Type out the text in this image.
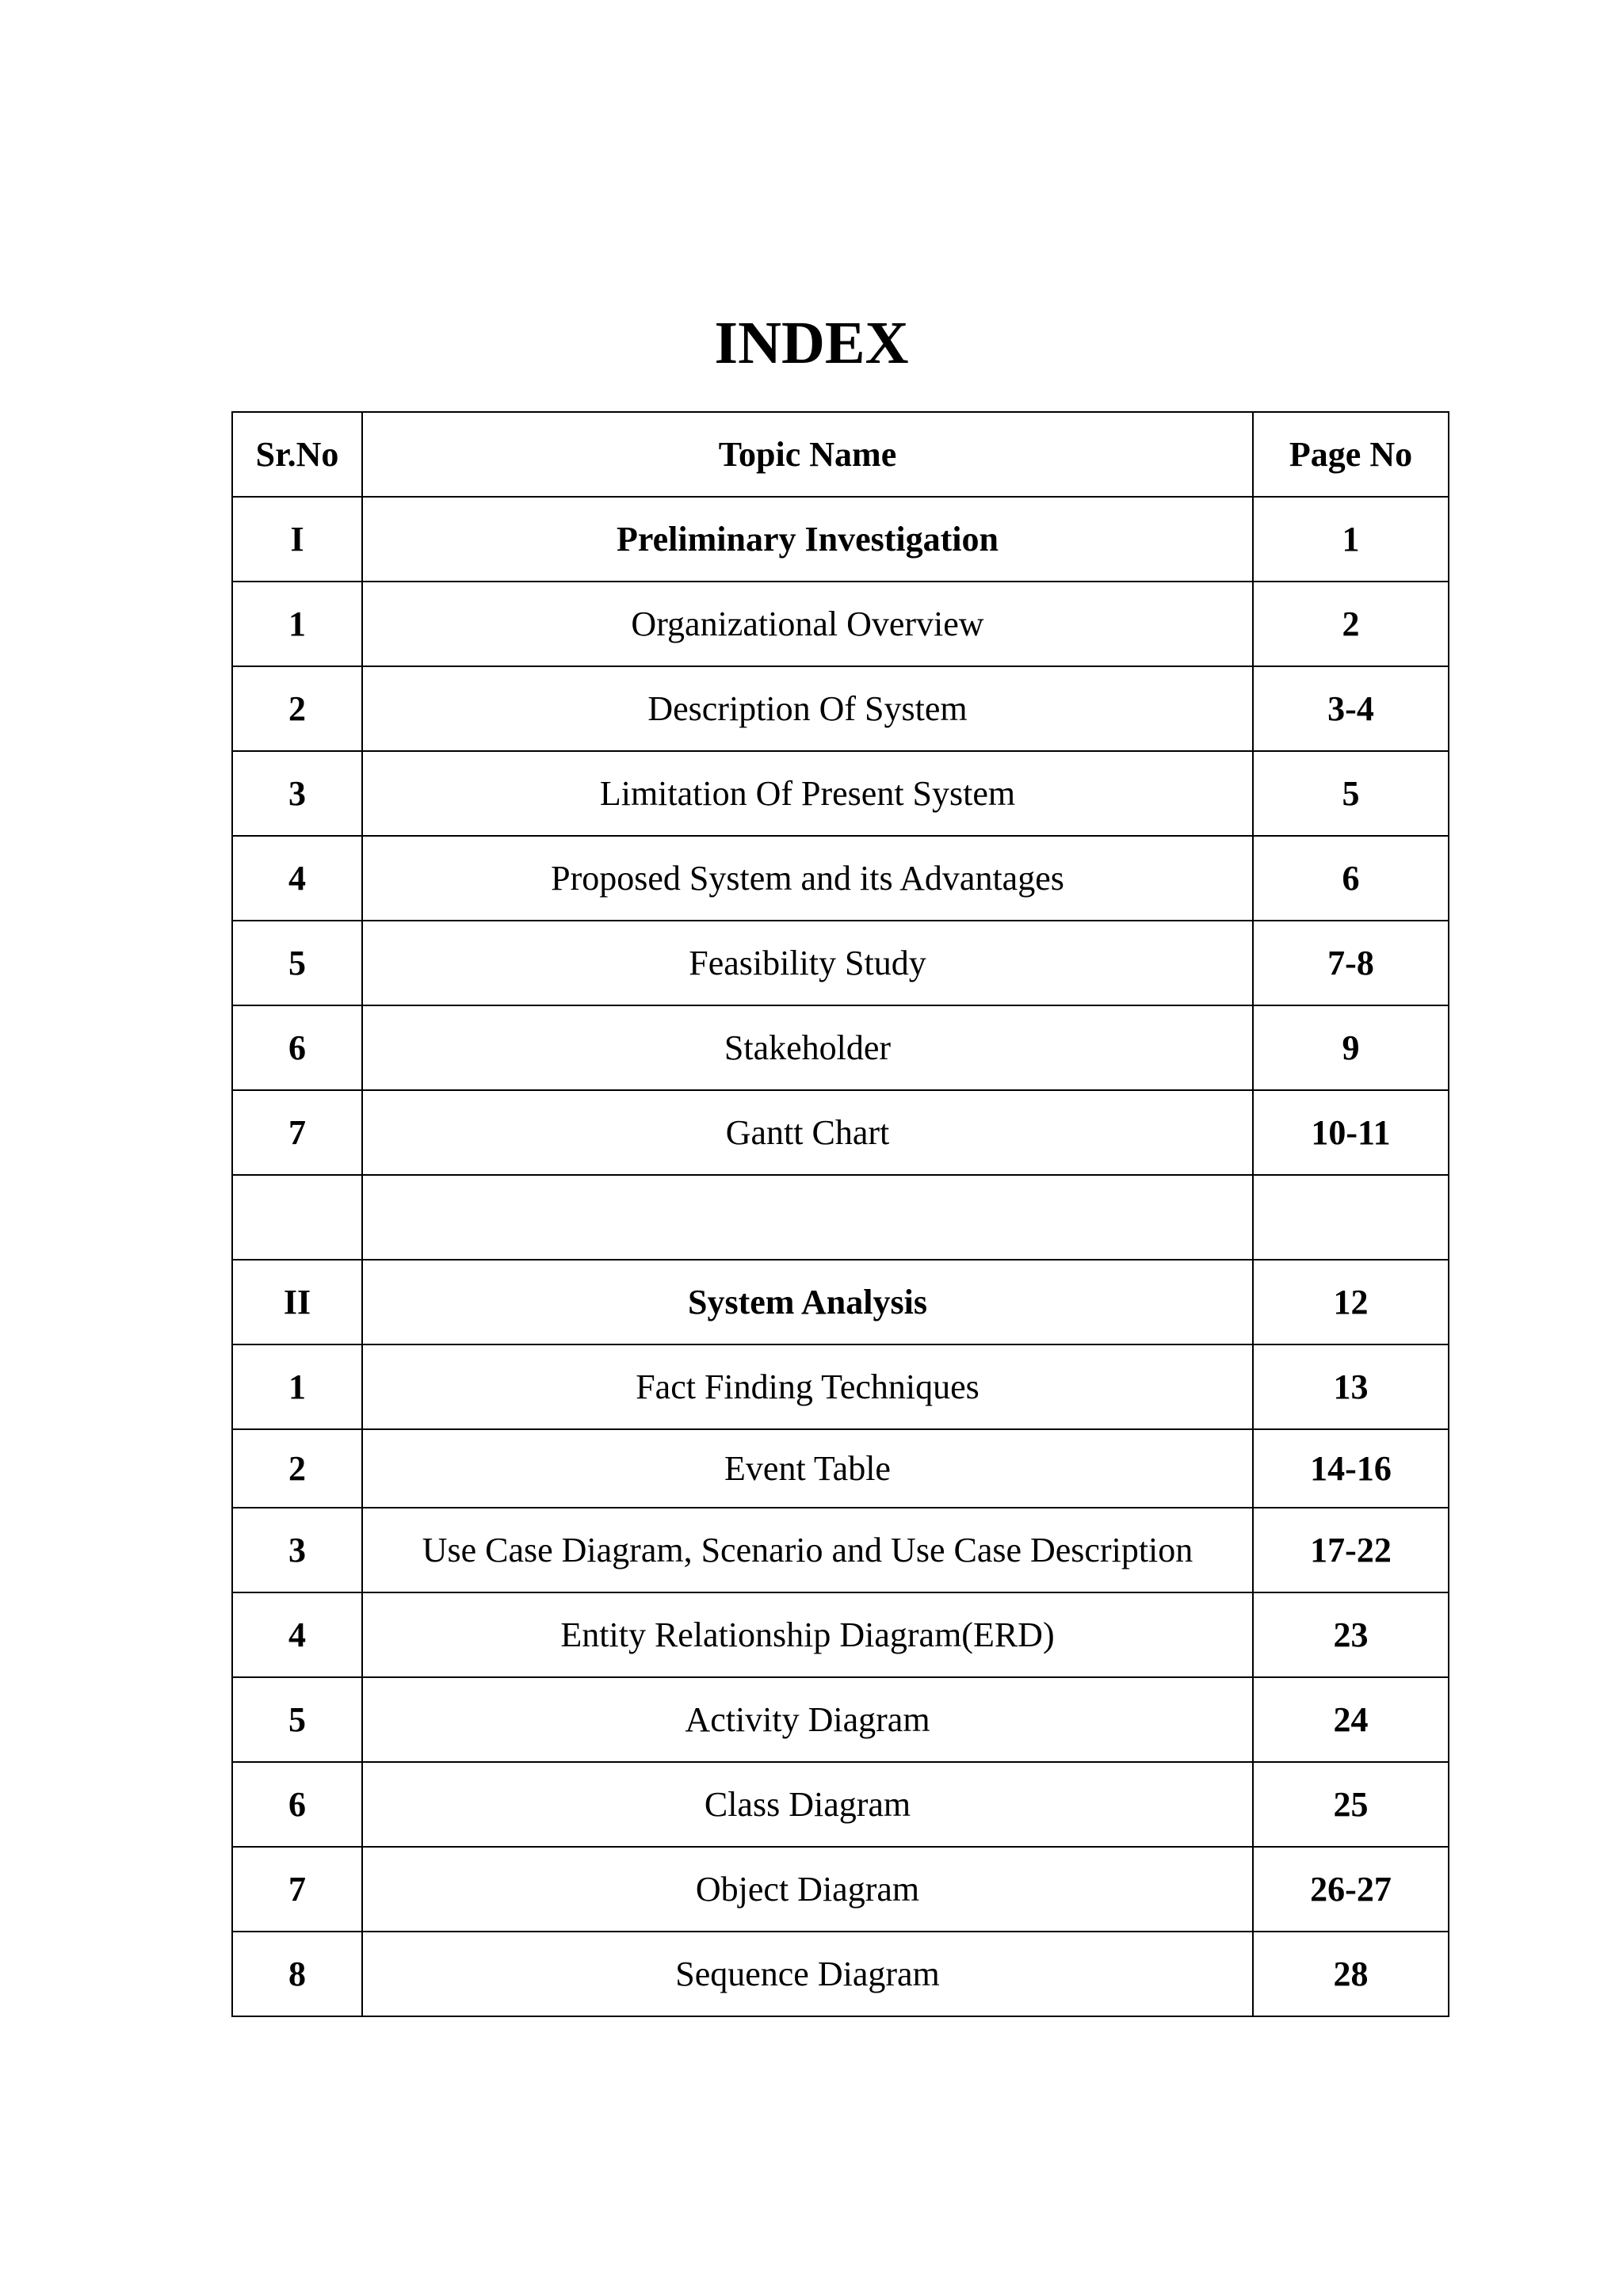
INDEX
Sr.No	Topic Name	Page No
I	Preliminary Investigation	1
1	Organizational Overview	2
2	Description Of System	3-4
3	Limitation Of Present System	5
4	Proposed System and its Advantages	6
5	Feasibility Study	7-8
6	Stakeholder	9
7	Gantt Chart	10-11

II	System Analysis	12
1	Fact Finding Techniques	13
2	Event Table	14-16
3	Use Case Diagram, Scenario and Use Case Description	17-22
4	Entity Relationship Diagram(ERD)	23
5	Activity Diagram	24
6	Class Diagram	25
7	Object Diagram	26-27
8	Sequence Diagram	28
